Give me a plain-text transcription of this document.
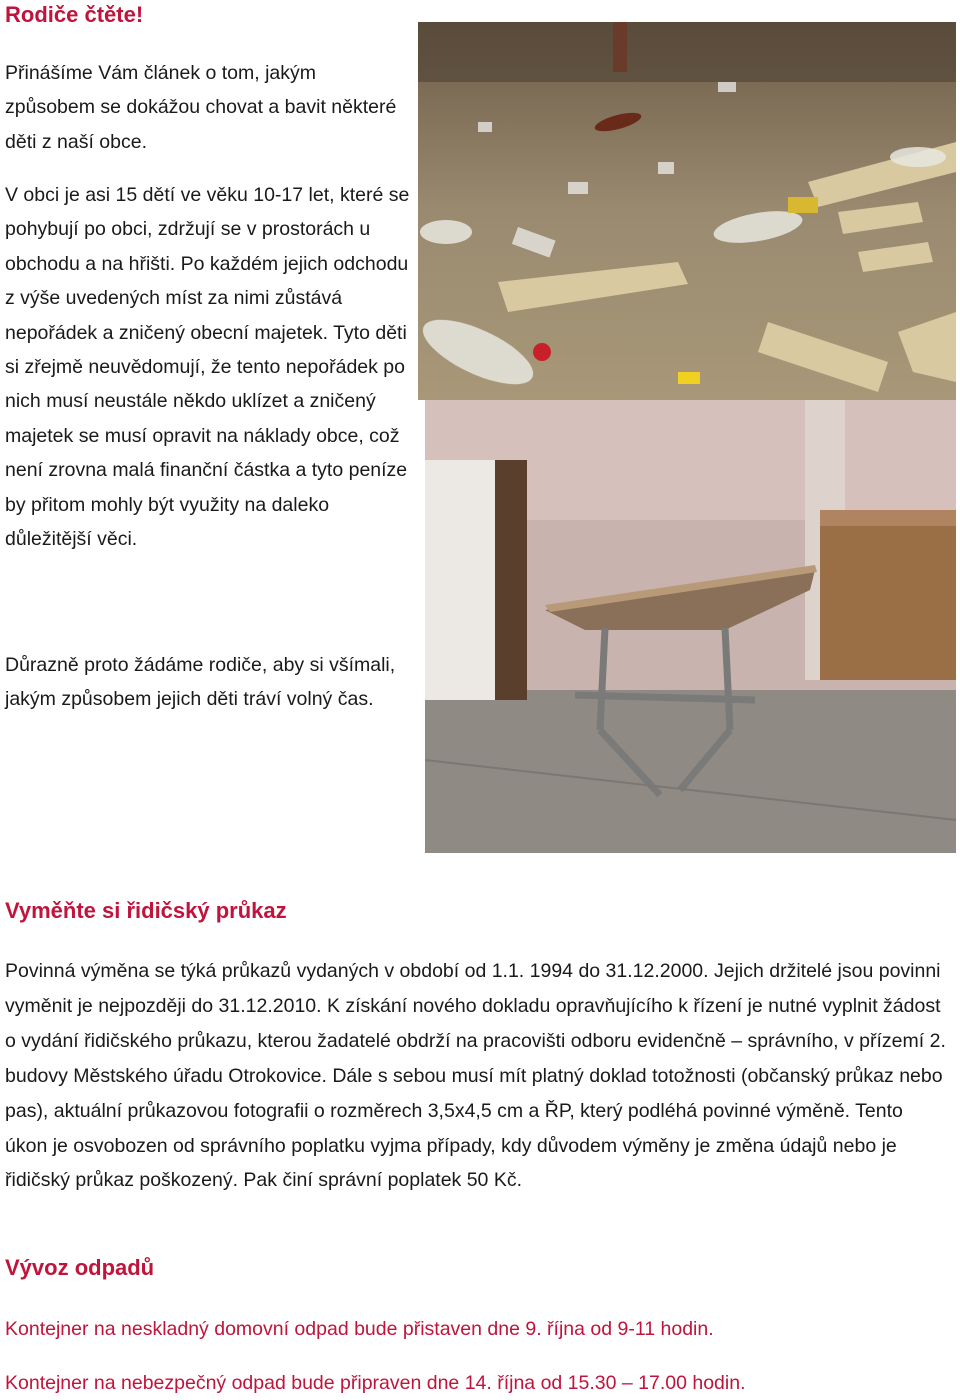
Rodiče čtěte!

Přinášíme Vám článek o tom, jakým způsobem se dokážou chovat a bavit některé děti z naší obce.

V obci je asi 15 dětí ve věku 10-17 let, které se pohybují po obci, zdržují se v prostorách u obchodu a na hřišti. Po každém jejich odchodu z výše uvedených míst za nimi zůstává nepořádek a zničený obecní majetek. Tyto děti si zřejmě neuvědomují, že tento nepořádek po nich musí neustále někdo uklízet a zničený majetek se musí opravit na náklady obce, což není zrovna malá finanční částka a tyto peníze by přitom mohly být využity na daleko důležitější věci.

Důrazně proto žádáme rodiče, aby si všímali, jakým způsobem jejich děti tráví volný čas.

Vyměňte si řidičský průkaz

Povinná výměna se týká průkazů vydaných v období od 1.1. 1994 do 31.12.2000. Jejich držitelé jsou povinni vyměnit je nejpozději do 31.12.2010. K získání nového dokladu opravňujícího k řízení je nutné vyplnit žádost o vydání řidičského průkazu, kterou žadatelé obdrží na pracovišti odboru evidenčně – správního, v přízemí 2. budovy Městského úřadu Otrokovice. Dále s sebou musí mít platný doklad totožnosti (občanský průkaz nebo pas), aktuální průkazovou fotografii o rozměrech 3,5x4,5 cm a ŘP, který podléhá povinné výměně. Tento úkon je osvobozen od správního poplatku vyjma případy, kdy důvodem výměny je změna údajů nebo je řidičský průkaz poškozený. Pak činí správní poplatek 50 Kč.

Vývoz odpadů

Kontejner na neskladný domovní odpad bude přistaven dne 9. října od 9-11 hodin.

Kontejner na nebezpečný odpad bude připraven dne 14. října od 15.30 – 17.00 hodin.
